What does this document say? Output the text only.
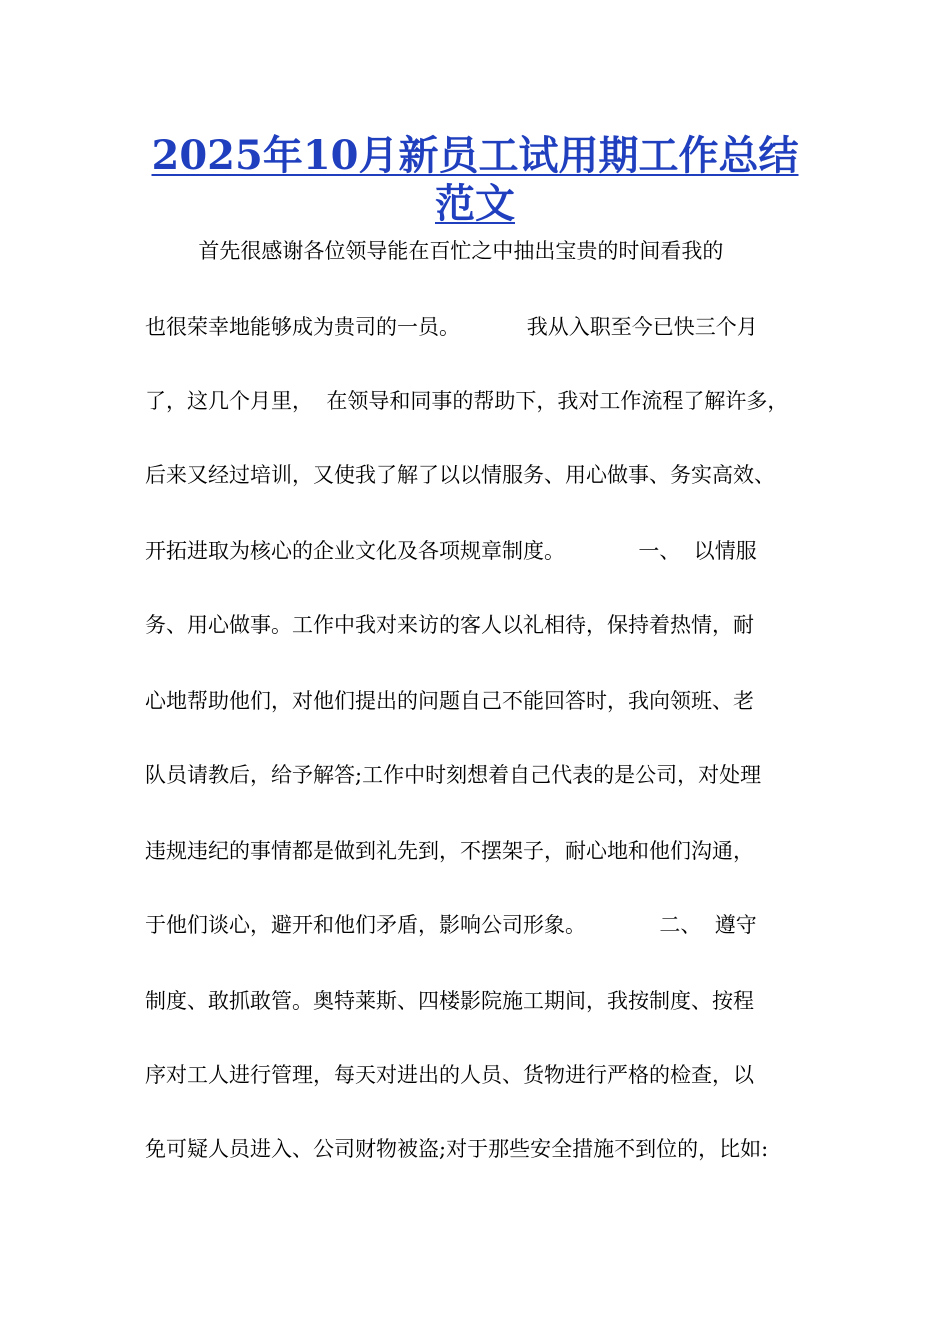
2025年10月新员工试用期工作总结
范文

首先很感谢各位领导能在百忙之中抽出宝贵的时间看我的

也很荣幸地能够成为贵司的一员。          我从入职至今已快三个月

了，这几个月里，  在领导和同事的帮助下，我对工作流程了解许多，

后来又经过培训，又使我了解了以以情服务、用心做事、务实高效、

开拓进取为核心的企业文化及各项规章制度。           一、  以情服

务、用心做事。工作中我对来访的客人以礼相待，保持着热情，耐

心地帮助他们，对他们提出的问题自己不能回答时，我向领班、老

队员请教后，给予解答;工作中时刻想着自己代表的是公司，对处理

违规违纪的事情都是做到礼先到，不摆架子，耐心地和他们沟通，

于他们谈心，避开和他们矛盾，影响公司形象。           二、  遵守

制度、敢抓敢管。奥特莱斯、四楼影院施工期间，我按制度、按程

序对工人进行管理，每天对进出的人员、货物进行严格的检查，以

免可疑人员进入、公司财物被盗;对于那些安全措施不到位的，比如:
